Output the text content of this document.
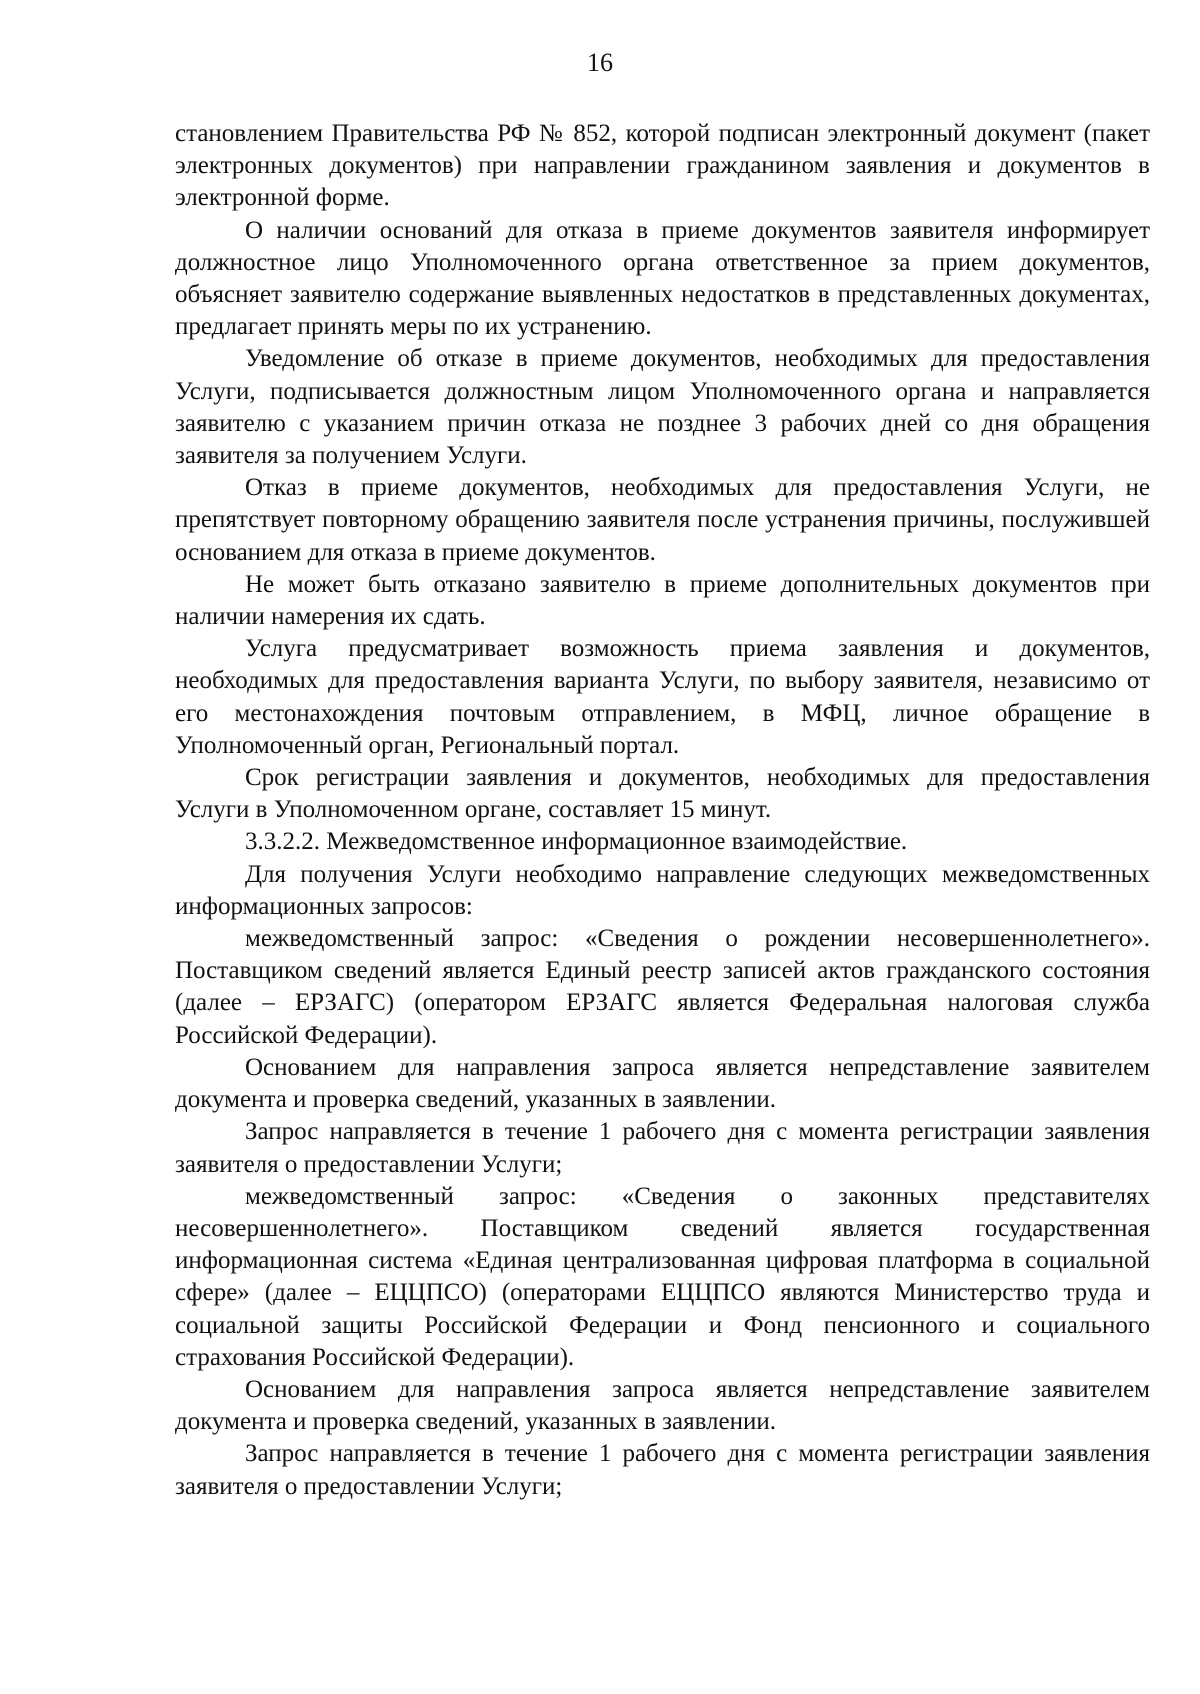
16

становлением Правительства РФ № 852, которой подписан электронный документ (пакет электронных документов) при направлении гражданином заявления и документов в электронной форме.

О наличии оснований для отказа в приеме документов заявителя информирует должностное лицо Уполномоченного органа ответственное за прием документов, объясняет заявителю содержание выявленных недостатков в представленных документах, предлагает принять меры по их устранению.

Уведомление об отказе в приеме документов, необходимых для предоставления Услуги, подписывается должностным лицом Уполномоченного органа и направляется заявителю с указанием причин отказа не позднее 3 рабочих дней со дня обращения заявителя за получением Услуги.

Отказ в приеме документов, необходимых для предоставления Услуги, не препятствует повторному обращению заявителя после устранения причины, послужившей основанием для отказа в приеме документов.

Не может быть отказано заявителю в приеме дополнительных документов при наличии намерения их сдать.

Услуга предусматривает возможность приема заявления и документов, необходимых для предоставления варианта Услуги, по выбору заявителя, независимо от его местонахождения почтовым отправлением, в МФЦ, личное обращение в Уполномоченный орган, Региональный портал.

Срок регистрации заявления и документов, необходимых для предоставления Услуги в Уполномоченном органе, составляет 15 минут.

3.3.2.2. Межведомственное информационное взаимодействие.

Для получения Услуги необходимо направление следующих межведомственных информационных запросов:

межведомственный запрос: «Сведения о рождении несовершеннолетнего». Поставщиком сведений является Единый реестр записей актов гражданского состояния (далее – ЕРЗАГС) (оператором ЕРЗАГС является Федеральная налоговая служба Российской Федерации).

Основанием для направления запроса является непредставление заявителем документа и проверка сведений, указанных в заявлении.

Запрос направляется в течение 1 рабочего дня с момента регистрации заявления заявителя о предоставлении Услуги;

межведомственный запрос: «Сведения о законных представителях несовершеннолетнего». Поставщиком сведений является государственная информационная система «Единая централизованная цифровая платформа в социальной сфере» (далее – ЕЦЦПСО) (операторами ЕЦЦПСО являются Министерство труда и социальной защиты Российской Федерации и Фонд пенсионного и социального страхования Российской Федерации).

Основанием для направления запроса является непредставление заявителем документа и проверка сведений, указанных в заявлении.

Запрос направляется в течение 1 рабочего дня с момента регистрации заявления заявителя о предоставлении Услуги;
